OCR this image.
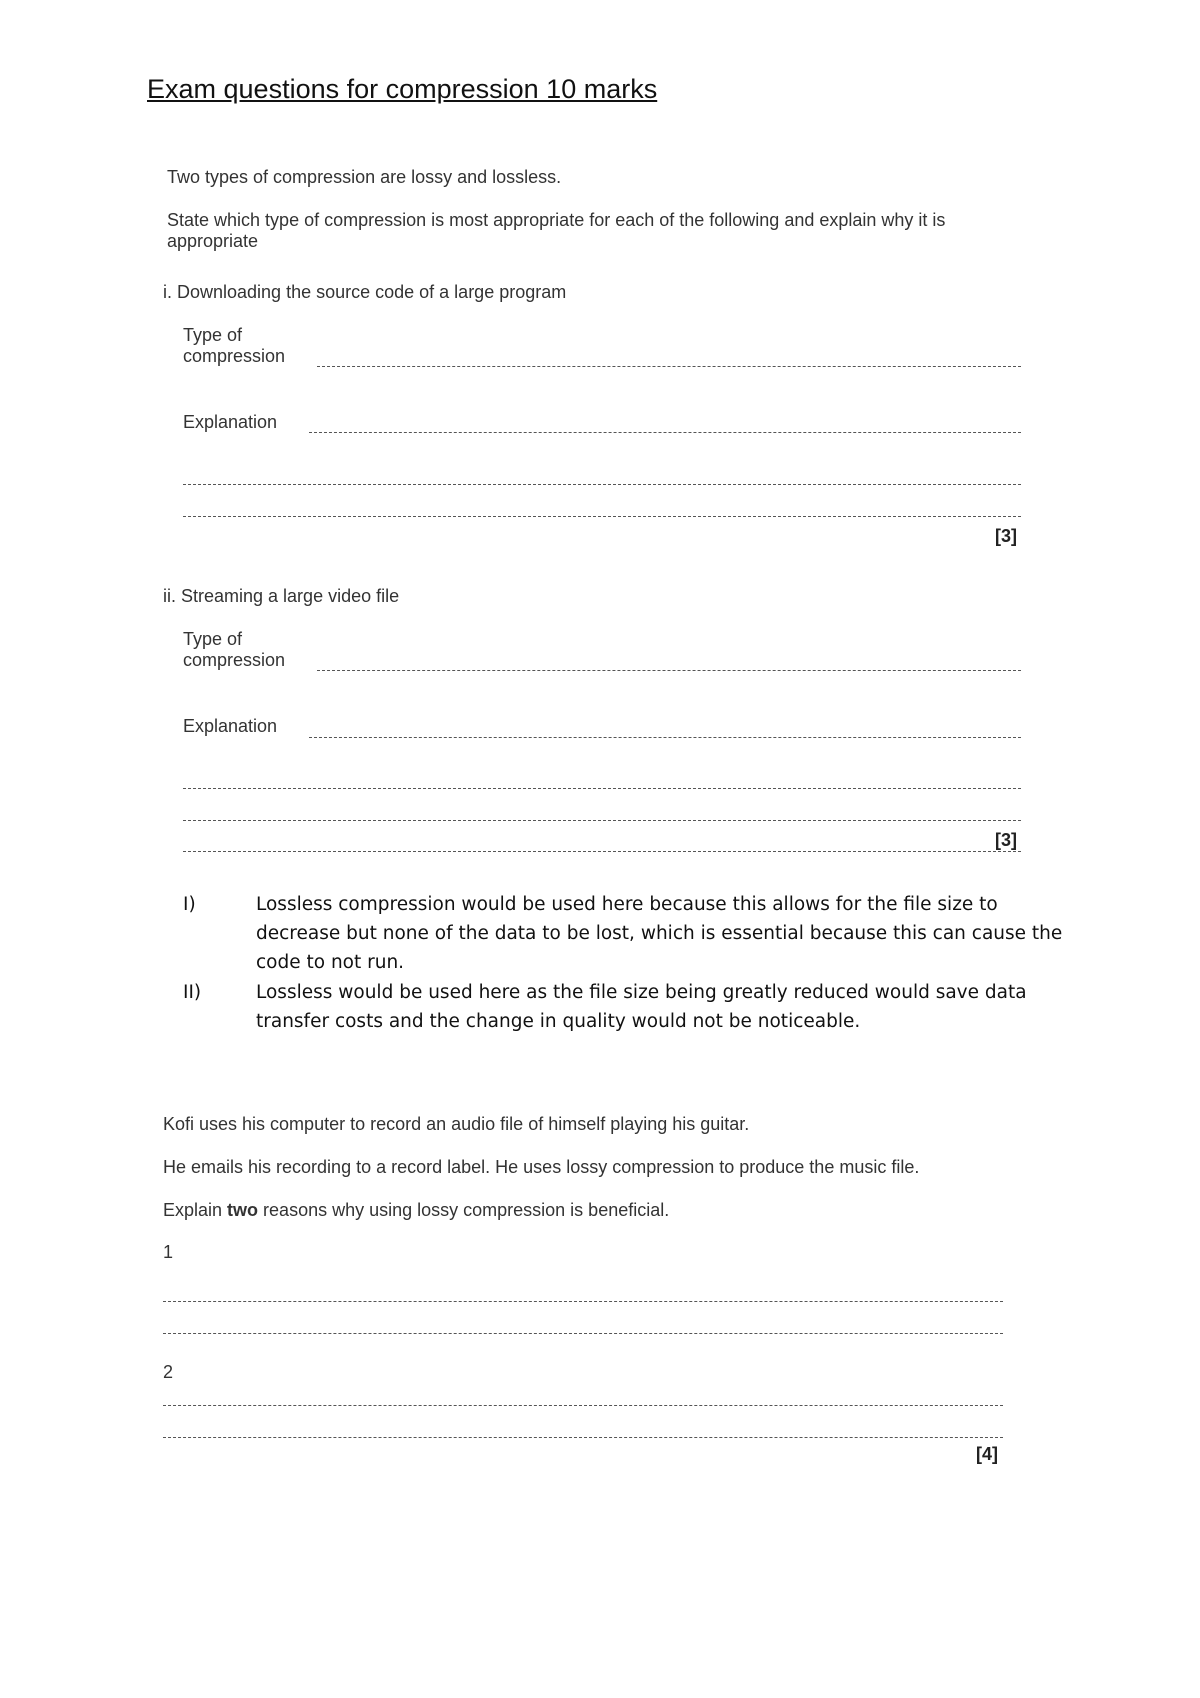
Exam questions for compression 10 marks
Two types of compression are lossy and lossless.
State which type of compression is most appropriate for each of the following and explain why it is appropriate
i. Downloading the source code of a large program
Type of
compression
Explanation
[3]
ii. Streaming a large video file
Type of
compression
Explanation
[3]
I)	Lossless compression would be used here because this allows for the file size to decrease but none of the data to be lost, which is essential because this can cause the code to not run.
II)	Lossless would be used here as the file size being greatly reduced would save data transfer costs and the change in quality would not be noticeable.
Kofi uses his computer to record an audio file of himself playing his guitar.
He emails his recording to a record label. He uses lossy compression to produce the music file.
Explain two reasons why using lossy compression is beneficial.
1
2
[4]
